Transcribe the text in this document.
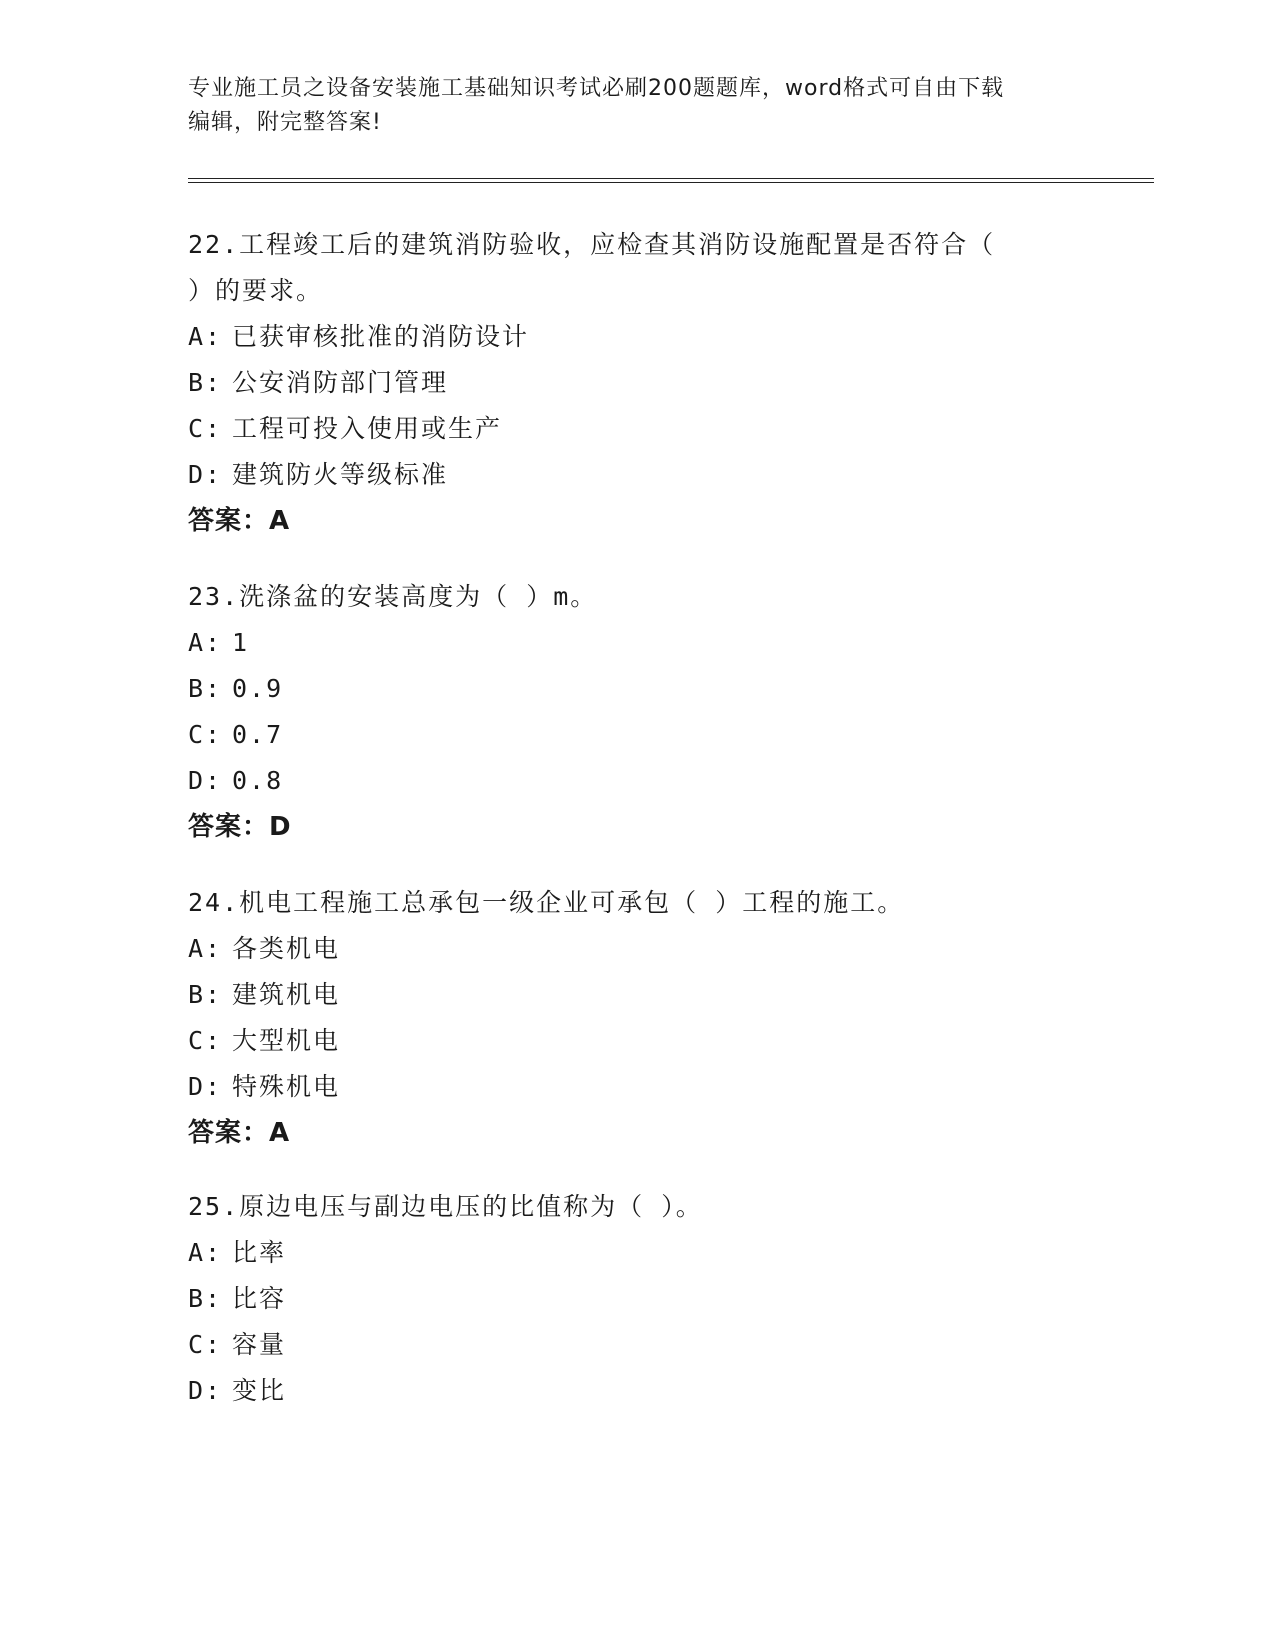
专业施工员之设备安装施工基础知识考试必刷200题题库，word格式可自由下载
编辑，附完整答案!

22.工程竣工后的建筑消防验收，应检查其消防设施配置是否符合（

）的要求。

A: 已获审核批准的消防设计

B: 公安消防部门管理

C: 工程可投入使用或生产

D: 建筑防火等级标准

答案：A

23.洗涤盆的安装高度为（ ）m。

A: 1

B: 0.9

C: 0.7

D: 0.8

答案：D

24.机电工程施工总承包一级企业可承包（ ）工程的施工。

A: 各类机电

B: 建筑机电

C: 大型机电

D: 特殊机电

答案：A

25.原边电压与副边电压的比值称为（ ）。

A: 比率

B: 比容

C: 容量

D: 变比
